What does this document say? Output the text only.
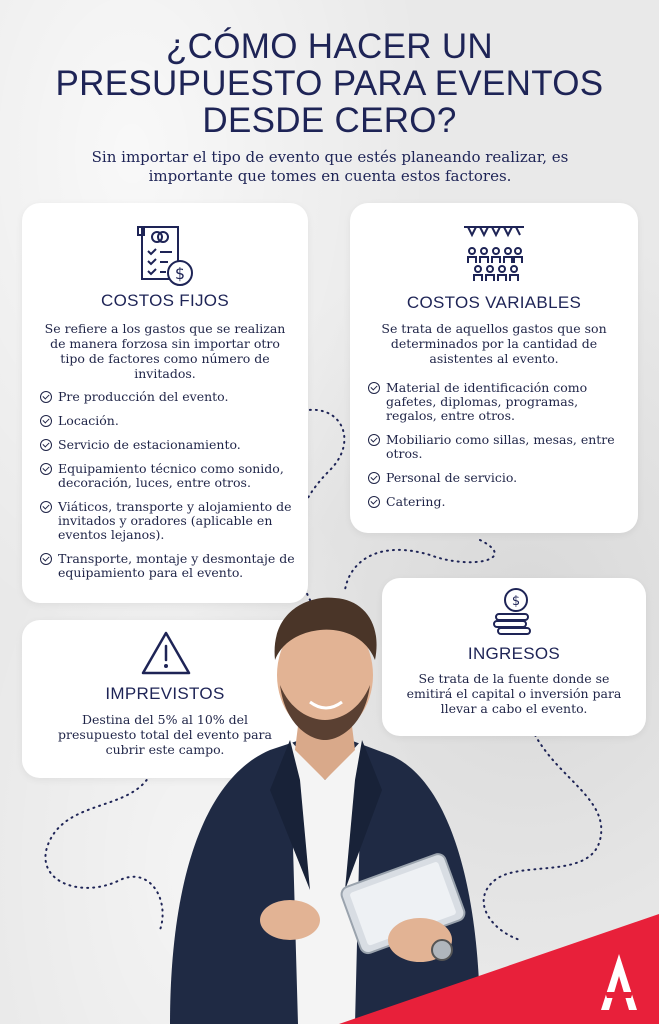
¿CÓMO HACER UN
PRESUPUESTO PARA EVENTOS
DESDE CERO?
Sin importar el tipo de evento que estés planeando realizar, es importante que tomes en cuenta estos factores.
$
COSTOS FIJOS
Se refiere a los gastos que se realizan de manera forzosa sin importar otro tipo de factores como número de invitados.
Pre producción del evento.
Locación.
Servicio de estacionamiento.
Equipamiento técnico como sonido, decoración, luces, entre otros.
Viáticos, transporte y alojamiento de invitados y oradores (aplicable en eventos lejanos).
Transporte, montaje y desmontaje de equipamiento para el evento.
COSTOS VARIABLES
Se trata de aquellos gastos que son determinados por la cantidad de asistentes al evento.
Material de identificación como gafetes, diplomas, programas, regalos, entre otros.
Mobiliario como sillas, mesas, entre otros.
Personal de servicio.
Catering.
IMPREVISTOS
Destina del 5% al 10% del presupuesto total del evento para cubrir este campo.
$
INGRESOS
Se trata de la fuente donde se emitirá el capital o inversión para llevar a cabo el evento.
